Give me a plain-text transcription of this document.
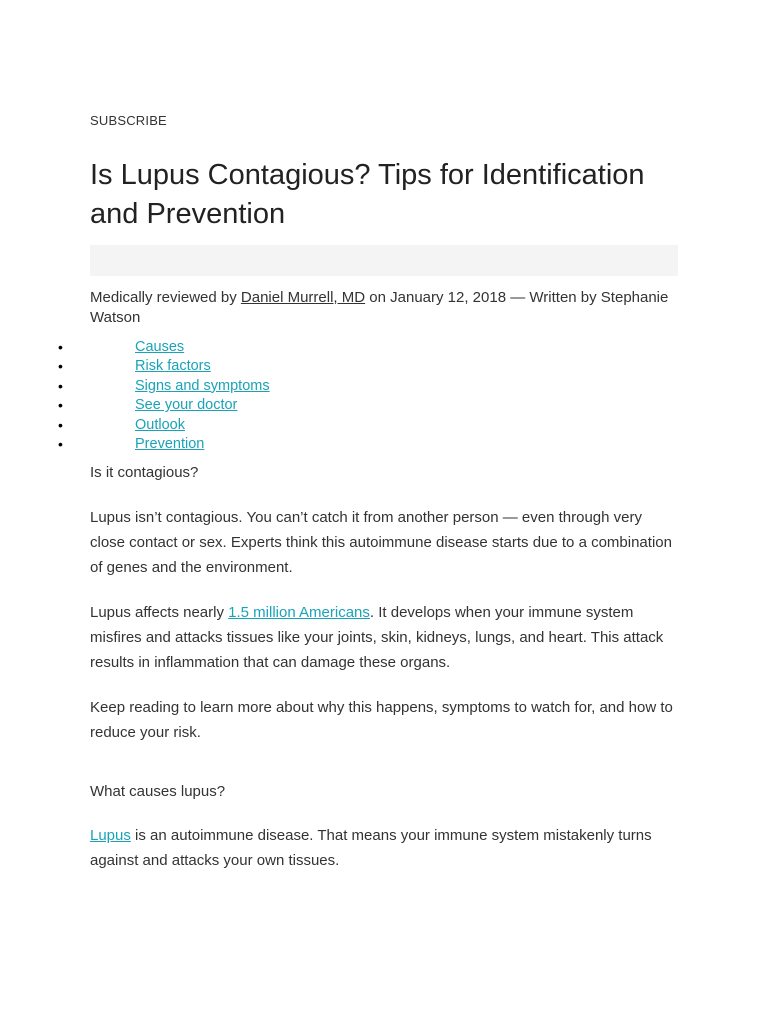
SUBSCRIBE
Is Lupus Contagious? Tips for Identification and Prevention
Medically reviewed by Daniel Murrell, MD on January 12, 2018 — Written by Stephanie Watson
•	Causes
•	Risk factors
•	Signs and symptoms
•	See your doctor
•	Outlook
•	Prevention

Is it contagious?

Lupus isn’t contagious. You can’t catch it from another person — even through very close contact or sex. Experts think this autoimmune disease starts due to a combination of genes and the environment.

Lupus affects nearly 1.5 million Americans. It develops when your immune system misfires and attacks tissues like your joints, skin, kidneys, lungs, and heart. This attack results in inflammation that can damage these organs.

Keep reading to learn more about why this happens, symptoms to watch for, and how to reduce your risk.

What causes lupus?

Lupus is an autoimmune disease. That means your immune system mistakenly turns against and attacks your own tissues.
